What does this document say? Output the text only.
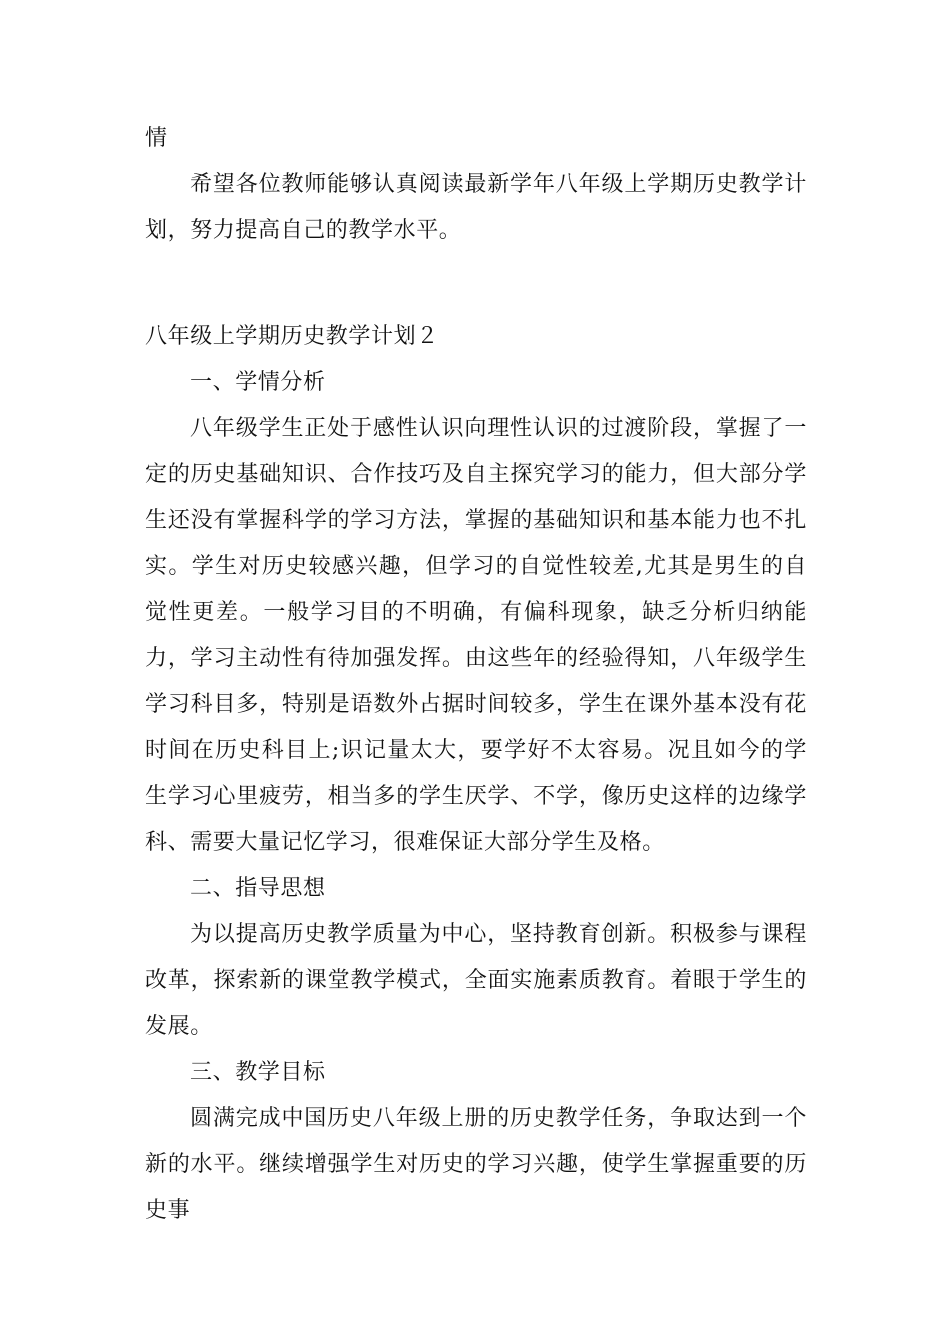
情

希望各位教师能够认真阅读最新学年八年级上学期历史教学计划，努力提高自己的教学水平。

八年级上学期历史教学计划２

一、学情分析

八年级学生正处于感性认识向理性认识的过渡阶段，掌握了一定的历史基础知识、合作技巧及自主探究学习的能力，但大部分学生还没有掌握科学的学习方法，掌握的基础知识和基本能力也不扎实。学生对历史较感兴趣，但学习的自觉性较差,尤其是男生的自觉性更差。一般学习目的不明确，有偏科现象，缺乏分析归纳能力，学习主动性有待加强发挥。由这些年的经验得知，八年级学生学习科目多，特别是语数外占据时间较多，学生在课外基本没有花时间在历史科目上;识记量太大，要学好不太容易。况且如今的学生学习心里疲劳，相当多的学生厌学、不学，像历史这样的边缘学科、需要大量记忆学习，很难保证大部分学生及格。

二、指导思想

为以提高历史教学质量为中心，坚持教育创新。积极参与课程改革，探索新的课堂教学模式，全面实施素质教育。着眼于学生的发展。

三、教学目标

圆满完成中国历史八年级上册的历史教学任务，争取达到一个新的水平。继续增强学生对历史的学习兴趣，使学生掌握重要的历史事
